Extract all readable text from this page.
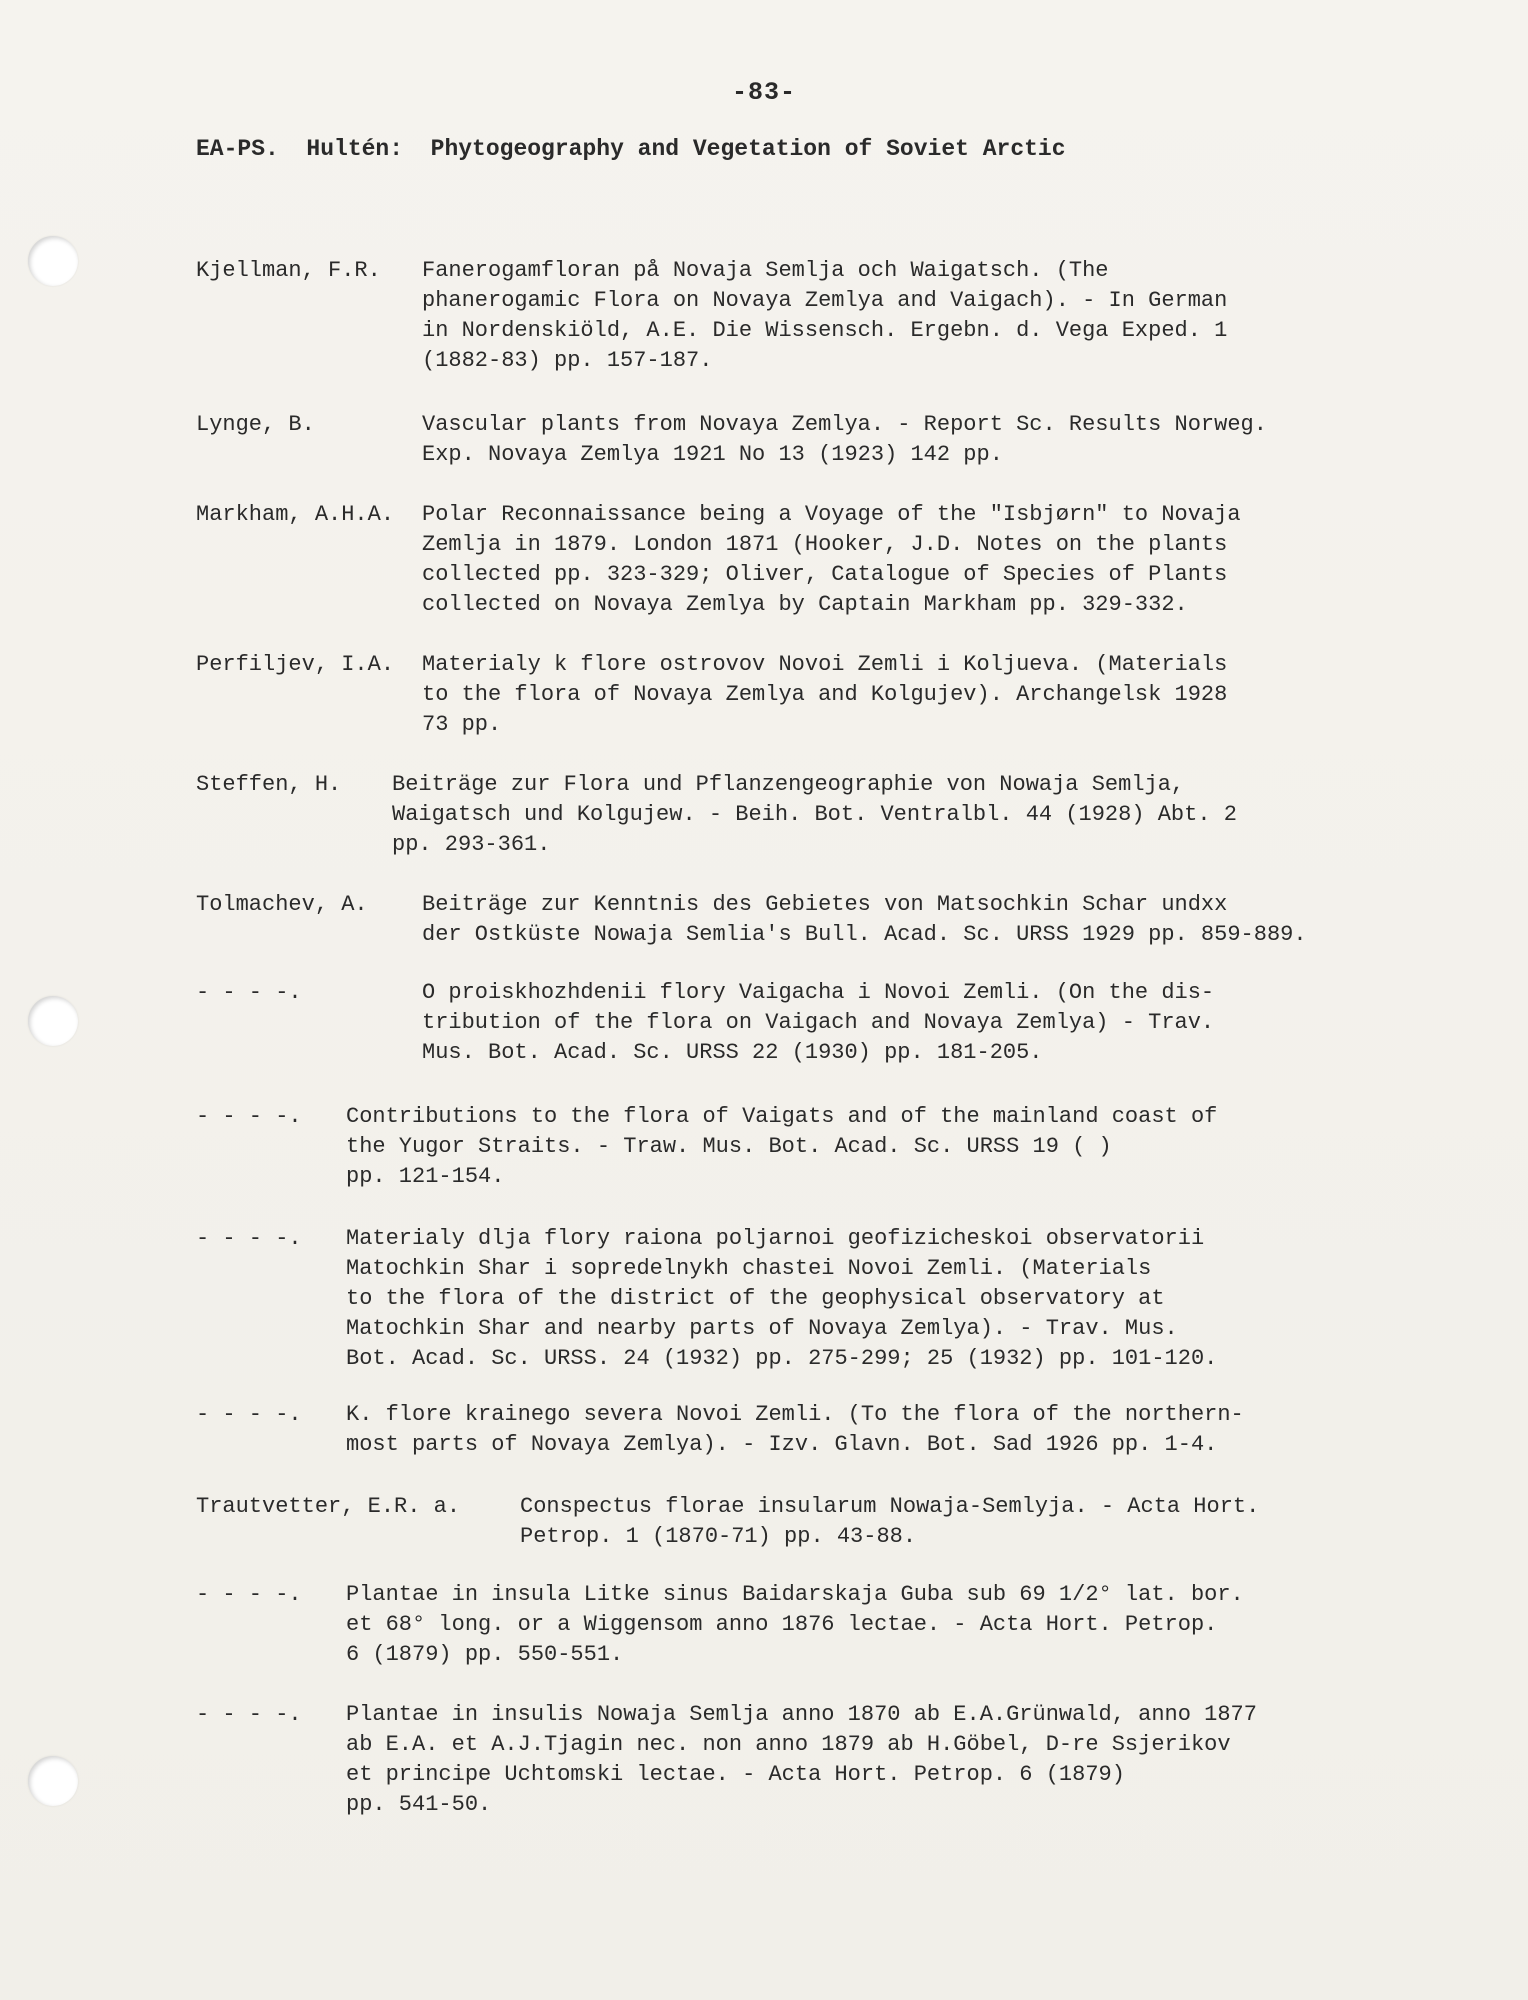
-83-
EA-PS.  Hultén:  Phytogeography and Vegetation of Soviet Arctic
Kjellman, F.R. Fanerogamfloran på Novaja Semlja och Waigatsch. (The
phanerogamic Flora on Novaya Zemlya and Vaigach). - In German
in Nordenskiöld, A.E. Die Wissensch. Ergebn. d. Vega Exped. 1
(1882-83) pp. 157-187.
Lynge, B.	Vascular plants from Novaya Zemlya. - Report Sc. Results Norweg.
Exp. Novaya Zemlya 1921 No 13 (1923) 142 pp.
Markham, A.H.A. Polar Reconnaissance being a Voyage of the "Isbjørn" to Novaja
Zemlja in 1879. London 1871 (Hooker, J.D. Notes on the plants
collected pp. 323-329; Oliver, Catalogue of Species of Plants
collected on Novaya Zemlya by Captain Markham pp. 329-332.
Perfiljev, I.A. Materialy k flore ostrovov Novoi Zemli i Koljueva. (Materials
to the flora of Novaya Zemlya and Kolgujev). Archangelsk 1928
73 pp.
Steffen, H. Beiträge zur Flora und Pflanzengeographie von Nowaja Semlja,
Waigatsch und Kolgujew. - Beih. Bot. Ventralbl. 44 (1928) Abt. 2
pp. 293-361.
Tolmachev, A. Beiträge zur Kenntnis des Gebietes von Matsochkin Schar undxx
der Ostküste Nowaja Semlia's Bull. Acad. Sc. URSS 1929 pp. 859-889.
- - - -.	O proiskhozhdenii flory Vaigacha i Novoi Zemli. (On the dis-
tribution of the flora on Vaigach and Novaya Zemlya) - Trav.
Mus. Bot. Acad. Sc. URSS 22 (1930) pp. 181-205.
- - - -. Contributions to the flora of Vaigats and of the mainland coast of
the Yugor Straits. - Traw. Mus. Bot. Acad. Sc. URSS 19 ( )
pp. 121-154.
- - - -. Materialy dlja flory raiona poljarnoi geofizicheskoi observatorii
Matochkin Shar i sopredelnykh chastei Novoi Zemli. (Materials
to the flora of the district of the geophysical observatory at
Matochkin Shar and nearby parts of Novaya Zemlya). - Trav. Mus.
Bot. Acad. Sc. URSS. 24 (1932) pp. 275-299; 25 (1932) pp. 101-120.
- - - -. K. flore krainego severa Novoi Zemli. (To the flora of the northern-
most parts of Novaya Zemlya). - Izv. Glavn. Bot. Sad 1926 pp. 1-4.
Trautvetter, E.R. a.	Conspectus florae insularum Nowaja-Semlyja. - Acta Hort.
Petrop. 1 (1870-71) pp. 43-88.
- - - -. Plantae in insula Litke sinus Baidarskaja Guba sub 69 1/2° lat. bor.
et 68° long. or a Wiggensom anno 1876 lectae. - Acta Hort. Petrop.
6 (1879) pp. 550-551.
- - - -. Plantae in insulis Nowaja Semlja anno 1870 ab E.A.Grünwald, anno 1877
ab E.A. et A.J.Tjagin nec. non anno 1879 ab H.Göbel, D-re Ssjerikov
et principe Uchtomski lectae. - Acta Hort. Petrop. 6 (1879)
pp. 541-50.
